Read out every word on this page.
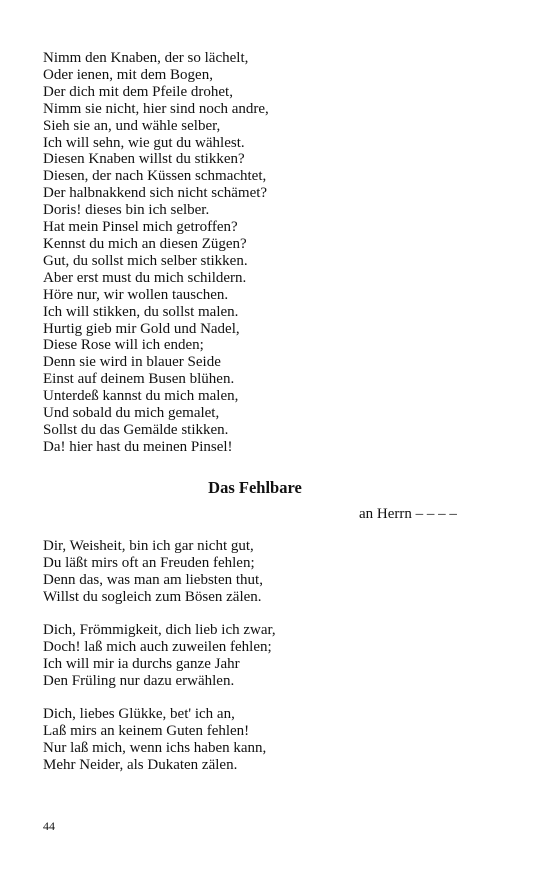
Nimm den Knaben, der so lächelt,
Oder ienen, mit dem Bogen,
Der dich mit dem Pfeile drohet,
Nimm sie nicht, hier sind noch andre,
Sieh sie an, und wähle selber,
Ich will sehn, wie gut du wählest.
Diesen Knaben willst du stikken?
Diesen, der nach Küssen schmachtet,
Der halbnakkend sich nicht schämet?
Doris! dieses bin ich selber.
Hat mein Pinsel mich getroffen?
Kennst du mich an diesen Zügen?
Gut, du sollst mich selber stikken.
Aber erst must du mich schildern.
Höre nur, wir wollen tauschen.
Ich will stikken, du sollst malen.
Hurtig gieb mir Gold und Nadel,
Diese Rose will ich enden;
Denn sie wird in blauer Seide
Einst auf deinem Busen blühen.
Unterdeß kannst du mich malen,
Und sobald du mich gemalet,
Sollst du das Gemälde stikken.
Da! hier hast du meinen Pinsel!
Das Fehlbare
an Herrn – – – –
Dir, Weisheit, bin ich gar nicht gut,
Du läßt mirs oft an Freuden fehlen;
Denn das, was man am liebsten thut,
Willst du sogleich zum Bösen zälen.
Dich, Frömmigkeit, dich lieb ich zwar,
Doch! laß mich auch zuweilen fehlen;
Ich will mir ia durchs ganze Jahr
Den Früling nur dazu erwählen.
Dich, liebes Glükke, bet' ich an,
Laß mirs an keinem Guten fehlen!
Nur laß mich, wenn ichs haben kann,
Mehr Neider, als Dukaten zälen.
44
